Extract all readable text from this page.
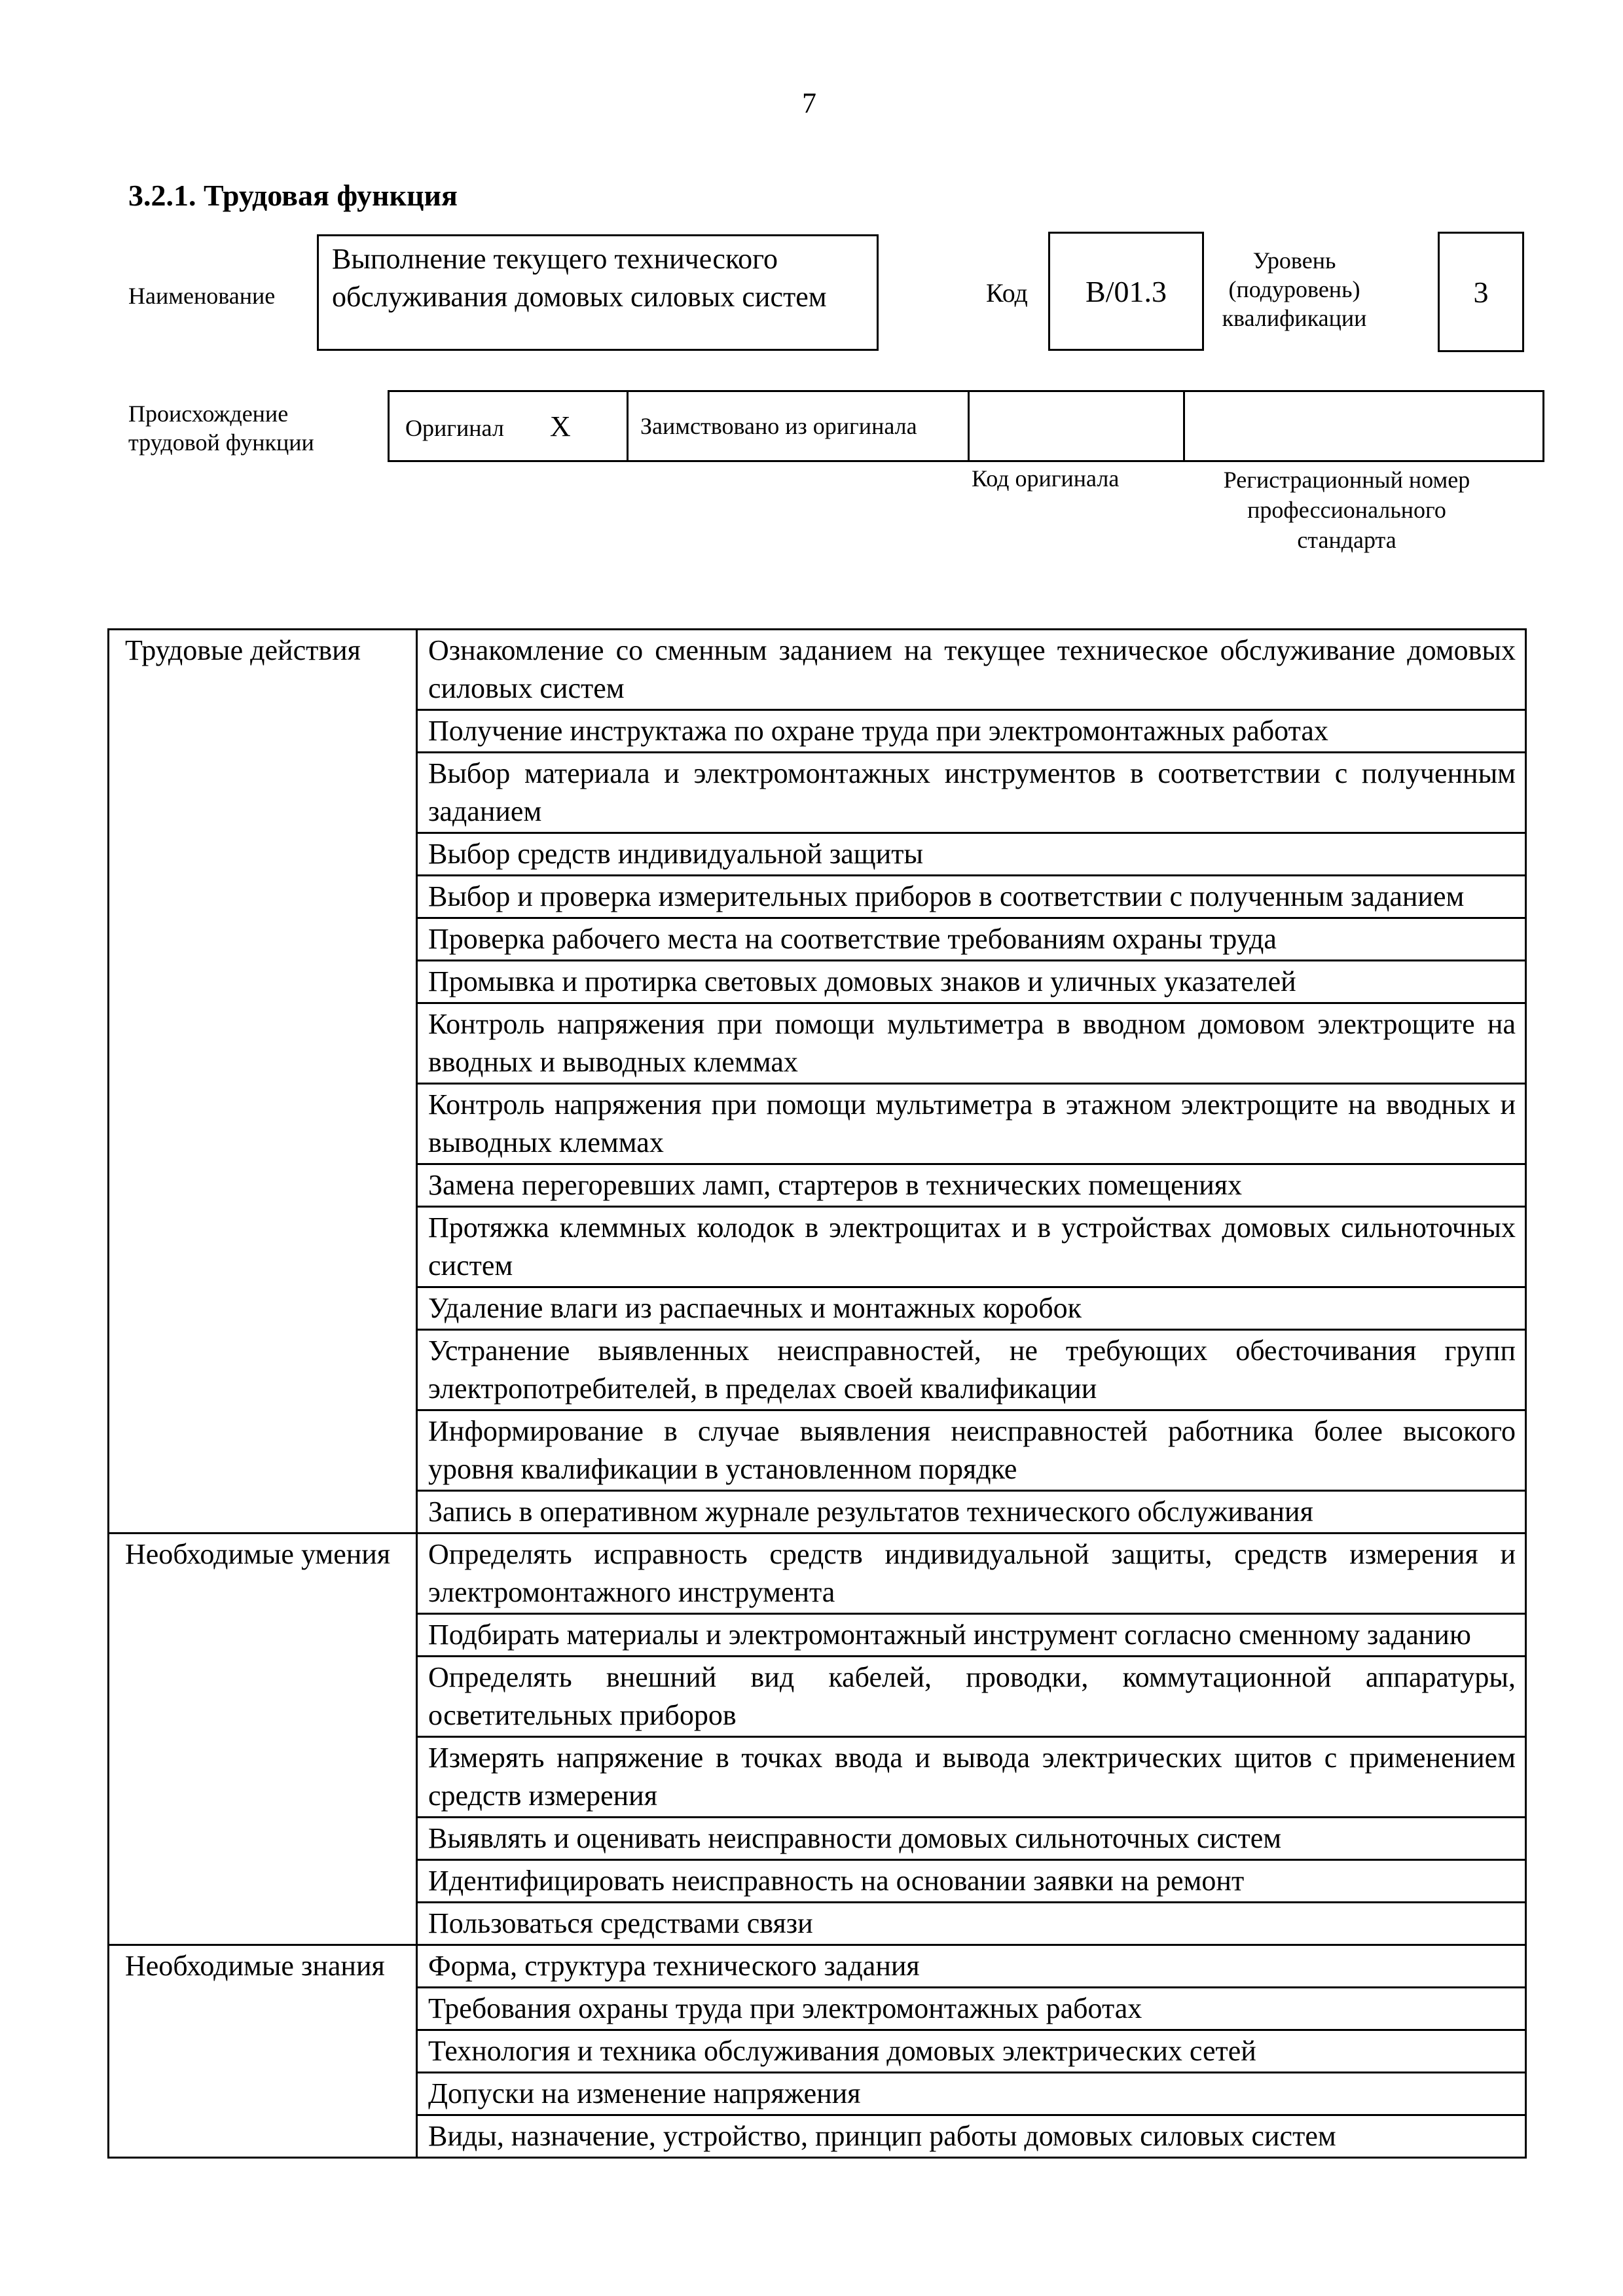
7
3.2.1. Трудовая функция
Наименование
Выполнение текущего технического обслуживания домовых силовых систем	Код	В/01.3
Уровень (подуровень) квалификации
3
Происхождение трудовой функции
Оригинал X	Заимствовано из оригинала		
Код оригинала	Регистрационный номер профессионального стандарта
Трудовые действия	Ознакомление со сменным заданием на текущее техническое обслуживание домовых силовых систем
	Получение инструктажа по охране труда при электромонтажных работах
	Выбор материала и электромонтажных инструментов в соответствии с полученным заданием
	Выбор средств индивидуальной защиты
	Выбор и проверка измерительных приборов в соответствии с полученным заданием
	Проверка рабочего места на соответствие требованиям охраны труда
	Промывка и протирка световых домовых знаков и уличных указателей
	Контроль напряжения при помощи мультиметра в вводном домовом электрощите на вводных и выводных клеммах
	Контроль напряжения при помощи мультиметра в этажном электрощите на вводных и выводных клеммах
	Замена перегоревших ламп, стартеров в технических помещениях
	Протяжка клеммных колодок в электрощитах и в устройствах домовых сильноточных систем
	Удаление влаги из распаечных и монтажных коробок
	Устранение выявленных неисправностей, не требующих обесточивания групп электропотребителей, в пределах своей квалификации
	Информирование в случае выявления неисправностей работника более высокого уровня квалификации в установленном порядке
	Запись в оперативном журнале результатов технического обслуживания
Необходимые умения	Определять исправность средств индивидуальной защиты, средств измерения и электромонтажного инструмента
	Подбирать материалы и электромонтажный инструмент согласно сменному заданию
	Определять внешний вид кабелей, проводки, коммутационной аппаратуры, осветительных приборов
	Измерять напряжение в точках ввода и вывода электрических щитов с применением средств измерения
	Выявлять и оценивать неисправности домовых сильноточных систем
	Идентифицировать неисправность на основании заявки на ремонт
	Пользоваться средствами связи
Необходимые знания	Форма, структура технического задания
	Требования охраны труда при электромонтажных работах
	Технология и техника обслуживания домовых электрических сетей
	Допуски на изменение напряжения
	Виды, назначение, устройство, принцип работы домовых силовых систем
